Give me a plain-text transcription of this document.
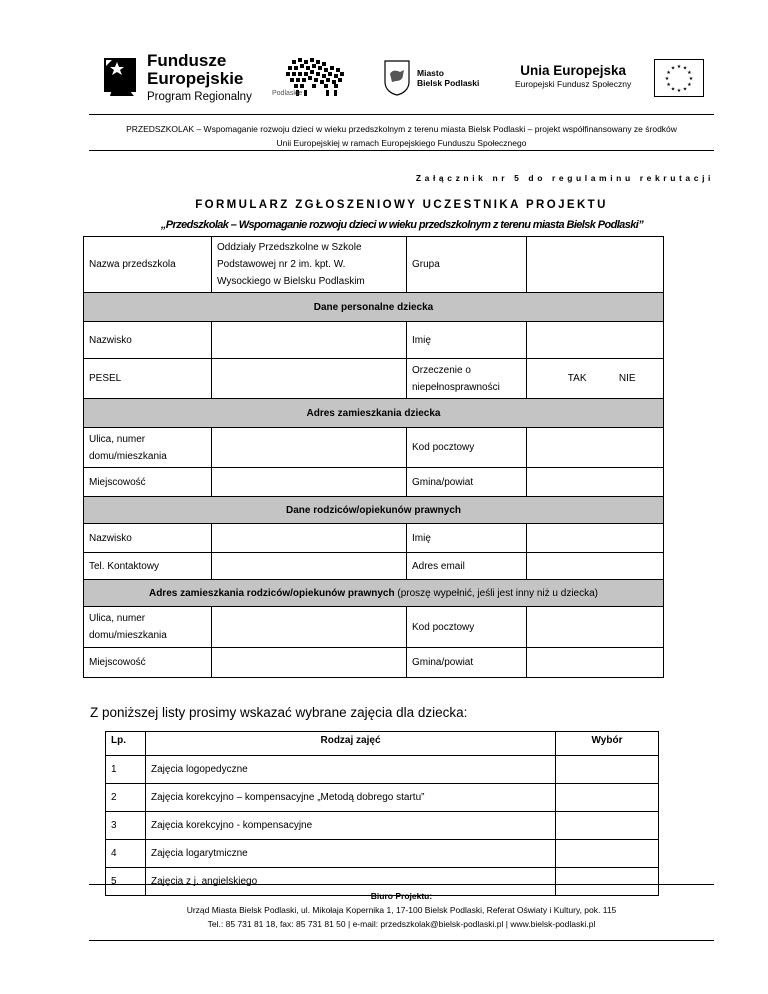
Fundusze
Europejskie
Program Regionalny	Podlaskie
Miasto
Bielsk Podlaski
Unia Europejska
Europejski Fundusz Społeczny
★ ★
★
★
★
★
★
★
★
★
★
★
PRZEDSZKOLAK – Wspomaganie rozwoju dzieci w wieku przedszkolnym z terenu miasta Bielsk Podlaski – projekt współfinansowany ze środków
Unii Europejskiej w ramach Europejskiego Funduszu Społecznego
Załącznik nr 5 do regulaminu rekrutacji
FORMULARZ ZGŁOSZENIOWY UCZESTNIKA PROJEKTU
„Przedszkolak – Wspomaganie rozwoju dzieci w wieku przedszkolnym z terenu miasta Bielsk Podlaski”
Nazwa przedszkola	Oddziały Przedszkolne w Szkole Podstawowej nr 2 im. kpt. W. Wysockiego w Bielsku Podlaskim	Grupa		
Dane personalne dziecka				
Nazwisko		Imię		
PESEL		Orzeczenie o niepełnosprawności	TAK	NIE
Adres zamieszkania dziecka				
Ulica, numer domu/mieszkania		Kod pocztowy		
Miejscowość		Gmina/powiat		
Dane rodziców/opiekunów prawnych				
Nazwisko		Imię		
Tel. Kontaktowy		Adres email		
Adres zamieszkania rodziców/opiekunów prawnych (proszę wypełnić, jeśli jest inny niż u dziecka)				
Ulica, numer domu/mieszkania		Kod pocztowy		
Miejscowość		Gmina/powiat		
Z poniższej listy prosimy wskazać wybrane zajęcia dla dziecka:
Lp.	Rodzaj zajęć	Wybór
1	Zajęcia logopedyczne	
2	Zajęcia korekcyjno – kompensacyjne „Metodą dobrego startu”	
3	Zajęcia korekcyjno - kompensacyjne	
4	Zajęcia logarytmiczne	
5	Zajęcia z j. angielskiego	
Biuro Projektu:
Urząd Miasta Bielsk Podlaski, ul. Mikołaja Kopernika 1, 17-100 Bielsk Podlaski, Referat Oświaty i Kultury, pok. 115
Tel.: 85 731 81 18, fax: 85 731 81 50 | e-mail: przedszkolak@bielsk-podlaski.pl | www.bielsk-podlaski.pl
